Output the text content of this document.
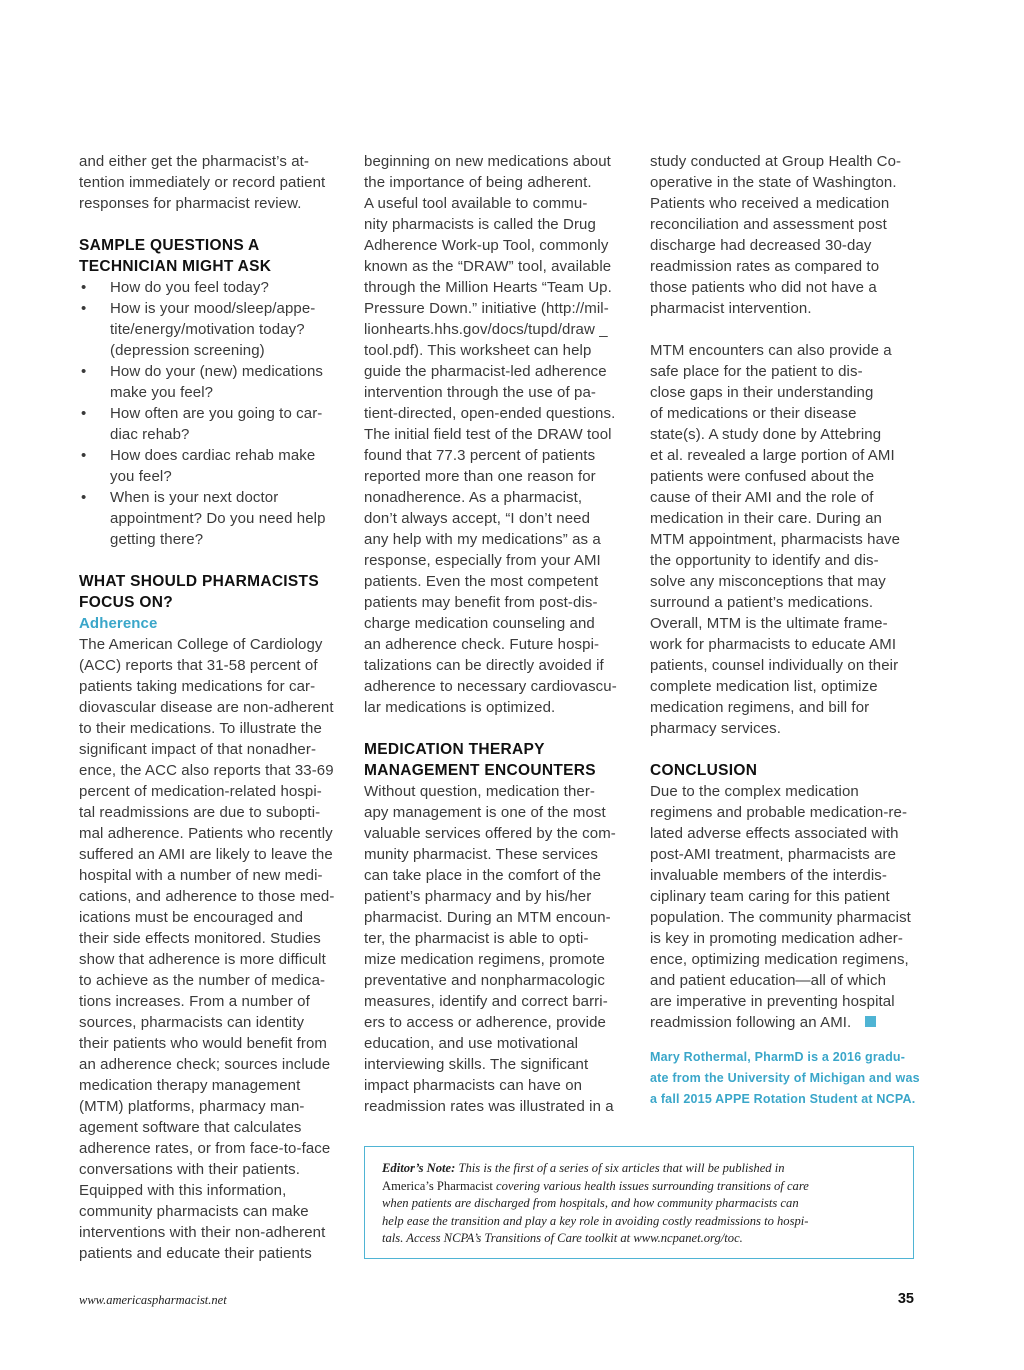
and either get the pharmacist’s at-
tention immediately or record patient
responses for pharmacist review.

SAMPLE QUESTIONS A
TECHNICIAN MIGHT ASK
• How do you feel today?
• How is your mood/sleep/appe-
tite/energy/motivation today?
(depression screening)
• How do your (new) medications
make you feel?
• How often are you going to car-
diac rehab?
• How does cardiac rehab make
you feel?
• When is your next doctor
appointment? Do you need help
getting there?
WHAT SHOULD PHARMACISTS
FOCUS ON?
Adherence

The American College of Cardiology
(ACC) reports that 31-58 percent of
patients taking medications for car-
diovascular disease are non-adherent
to their medications. To illustrate the
significant impact of that nonadher-
ence, the ACC also reports that 33-69
percent of medication-related hospi-
tal readmissions are due to subopti-
mal adherence. Patients who recently
suffered an AMI are likely to leave the
hospital with a number of new medi-
cations, and adherence to those med-
ications must be encouraged and
their side effects monitored. Studies
show that adherence is more difficult
to achieve as the number of medica-
tions increases. From a number of
sources, pharmacists can identity
their patients who would benefit from
an adherence check; sources include
medication therapy management
(MTM) platforms, pharmacy man-
agement software that calculates
adherence rates, or from face-to-face
conversations with their patients.
Equipped with this information,
community pharmacists can make
interventions with their non-adherent
patients and educate their patients

beginning on new medications about
the importance of being adherent.
A useful tool available to commu-
nity pharmacists is called the Drug
Adherence Work-up Tool, commonly
known as the “DRAW” tool, available
through the Million Hearts “Team Up.
Pressure Down.” initiative (http://mil-
lionhearts.hhs.gov/docs/tupd/draw _
tool.pdf). This worksheet can help
guide the pharmacist-led adherence
intervention through the use of pa-
tient-directed, open-ended questions.
The initial field test of the DRAW tool
found that 77.3 percent of patients
reported more than one reason for
nonadherence. As a pharmacist,
don’t always accept, “I don’t need
any help with my medications” as a
response, especially from your AMI
patients. Even the most competent
patients may benefit from post-dis-
charge medication counseling and
an adherence check. Future hospi-
talizations can be directly avoided if
adherence to necessary cardiovascu-
lar medications is optimized.

MEDICATION THERAPY
MANAGEMENT ENCOUNTERS

Without question, medication ther-
apy management is one of the most
valuable services offered by the com-
munity pharmacist. These services
can take place in the comfort of the
patient’s pharmacy and by his/her
pharmacist. During an MTM encoun-
ter, the pharmacist is able to opti-
mize medication regimens, promote
preventative and nonpharmacologic
measures, identify and correct barri-
ers to access or adherence, provide
education, and use motivational
interviewing skills. The significant
impact pharmacists can have on
readmission rates was illustrated in a

study conducted at Group Health Co-
operative in the state of Washington.
Patients who received a medication
reconciliation and assessment post
discharge had decreased 30-day
readmission rates as compared to
those patients who did not have a
pharmacist intervention.

MTM encounters can also provide a
safe place for the patient to dis-
close gaps in their understanding
of medications or their disease
state(s). A study done by Attebring
et al. revealed a large portion of AMI
patients were confused about the
cause of their AMI and the role of
medication in their care. During an
MTM appointment, pharmacists have
the opportunity to identify and dis-
solve any misconceptions that may
surround a patient’s medications.
Overall, MTM is the ultimate frame-
work for pharmacists to educate AMI
patients, counsel individually on their
complete medication list, optimize
medication regimens, and bill for
pharmacy services.

CONCLUSION

Due to the complex medication
regimens and probable medication-re-
lated adverse effects associated with
post-AMI treatment, pharmacists are
invaluable members of the interdis-
ciplinary team caring for this patient
population. The community pharmacist
is key in promoting medication adher-
ence, optimizing medication regimens,
and patient education—all of which
are imperative in preventing hospital
readmission following an AMI.

Mary Rothermal, PharmD is a 2016 gradu-
ate from the University of Michigan and was
a fall 2015 APPE Rotation Student at NCPA.

Editor’s Note: This is the first of a series of six articles that will be published in
America’s Pharmacist covering various health issues surrounding transitions of care
when patients are discharged from hospitals, and how community pharmacists can
help ease the transition and play a key role in avoiding costly readmissions to hospi-
tals. Access NCPA’s Transitions of Care toolkit at www.ncpanet.org/toc.
www.americaspharmacist.net	35
